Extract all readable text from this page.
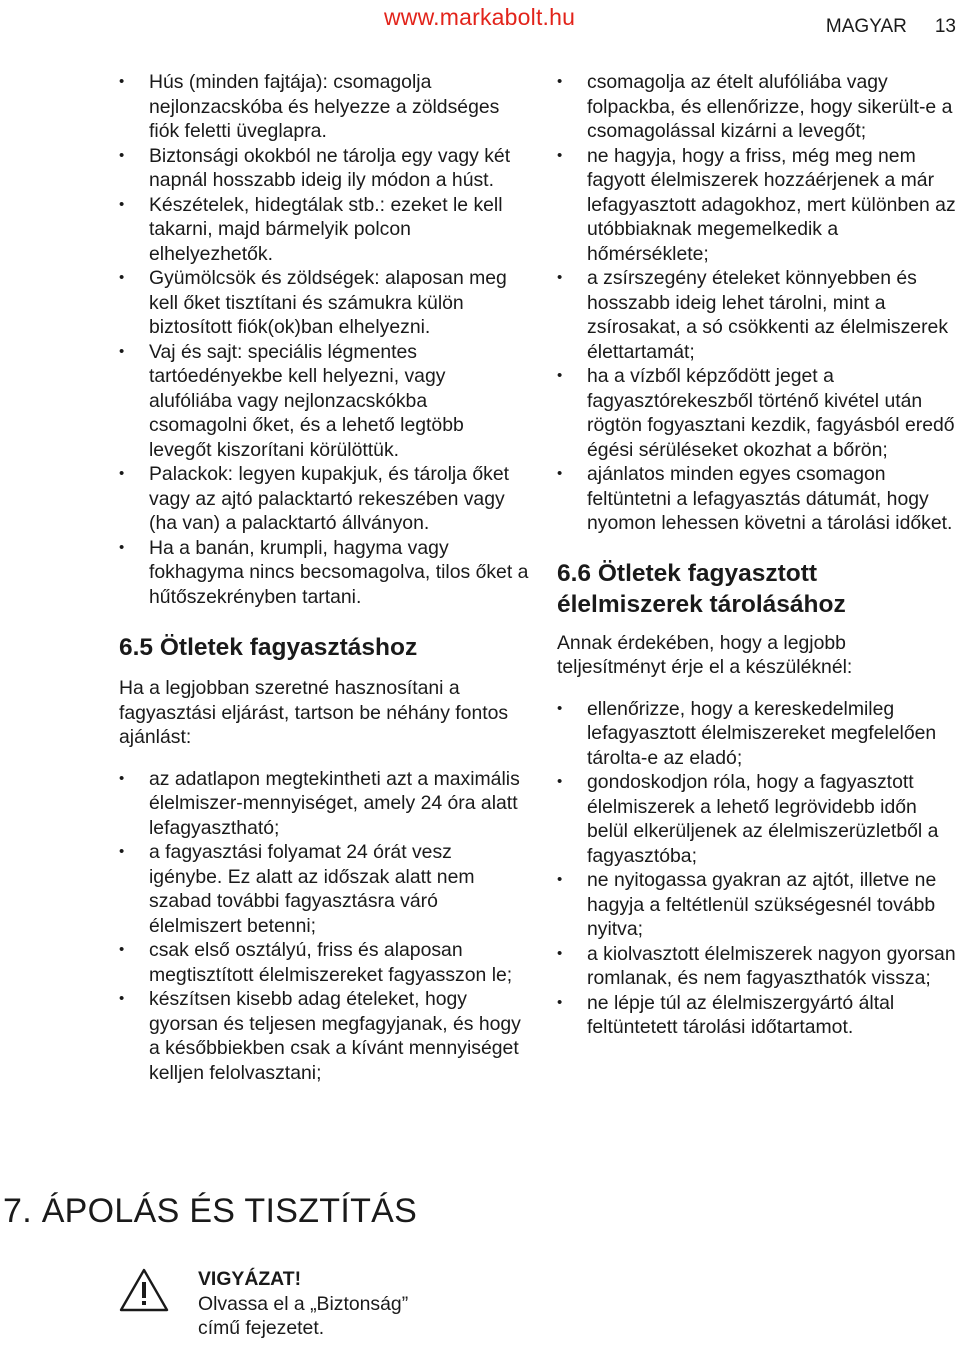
www.markabolt.hu	MAGYAR 13
• Hús (minden fajtája): csomagolja nejlonzacskóba és helyezze a zöldséges fiók feletti üveglapra.
• Biztonsági okokból ne tárolja egy vagy két napnál hosszabb ideig ily módon a húst.
• Készételek, hidegtálak stb.: ezeket le kell takarni, majd bármelyik polcon elhelyezhetők.
• Gyümölcsök és zöldségek: alaposan meg kell őket tisztítani és számukra külön biztosított fiók(ok)ban elhelyezni.
• Vaj és sajt: speciális légmentes tartóedényekbe kell helyezni, vagy alufóliába vagy nejlonzacskókba csomagolni őket, és a lehető legtöbb levegőt kiszorítani körülöttük.
• Palackok: legyen kupakjuk, és tárolja őket vagy az ajtó palacktartó rekeszében vagy (ha van) a palacktartó állványon.
• Ha a banán, krumpli, hagyma vagy fokhagyma nincs becsomagolva, tilos őket a hűtőszekrényben tartani.
6.5 Ötletek fagyasztáshoz

Ha a legjobban szeretné hasznosítani a fagyasztási eljárást, tartson be néhány fontos ajánlást:

• az adatlapon megtekintheti azt a maximális élelmiszer-mennyiséget, amely 24 óra alatt lefagyasztható;
• a fagyasztási folyamat 24 órát vesz igénybe. Ez alatt az időszak alatt nem szabad további fagyasztásra váró élelmiszert betenni;
• csak első osztályú, friss és alaposan megtisztított élelmiszereket fagyasszon le;
• készítsen kisebb adag ételeket, hogy gyorsan és teljesen megfagyjanak, és hogy a későbbiekben csak a kívánt mennyiséget kelljen felolvasztani;
• csomagolja az ételt alufóliába vagy folpackba, és ellenőrizze, hogy sikerült-e a csomagolással kizárni a levegőt;
• ne hagyja, hogy a friss, még meg nem fagyott élelmiszerek hozzáérjenek a már lefagyasztott adagokhoz, mert különben az utóbbiaknak megemelkedik a hőmérséklete;
• a zsírszegény ételeket könnyebben és hosszabb ideig lehet tárolni, mint a zsírosakat, a só csökkenti az élelmiszerek élettartamát;
• ha a vízből képződött jeget a fagyasztórekeszből történő kivétel után rögtön fogyasztani kezdik, fagyásból eredő égési sérüléseket okozhat a bőrön;
• ajánlatos minden egyes csomagon feltüntetni a lefagyasztás dátumát, hogy nyomon lehessen követni a tárolási időket.
6.6 Ötletek fagyasztott élelmiszerek tárolásához

Annak érdekében, hogy a legjobb teljesítményt érje el a készüléknél:

• ellenőrizze, hogy a kereskedelmileg lefagyasztott élelmiszereket megfelelően tárolta-e az eladó;
• gondoskodjon róla, hogy a fagyasztott élelmiszerek a lehető legrövidebb időn belül elkerüljenek az élelmiszerüzletből a fagyasztóba;
• ne nyitogassa gyakran az ajtót, illetve ne hagyja a feltétlenül szükségesnél tovább nyitva;
• a kiolvasztott élelmiszerek nagyon gyorsan romlanak, és nem fagyaszthatók vissza;
• ne lépje túl az élelmiszergyártó által feltüntetett tárolási időtartamot.
7. ÁPOLÁS ÉS TISZTÍTÁS
VIGYÁZAT!
Olvassa el a „Biztonság”
című fejezetet.
